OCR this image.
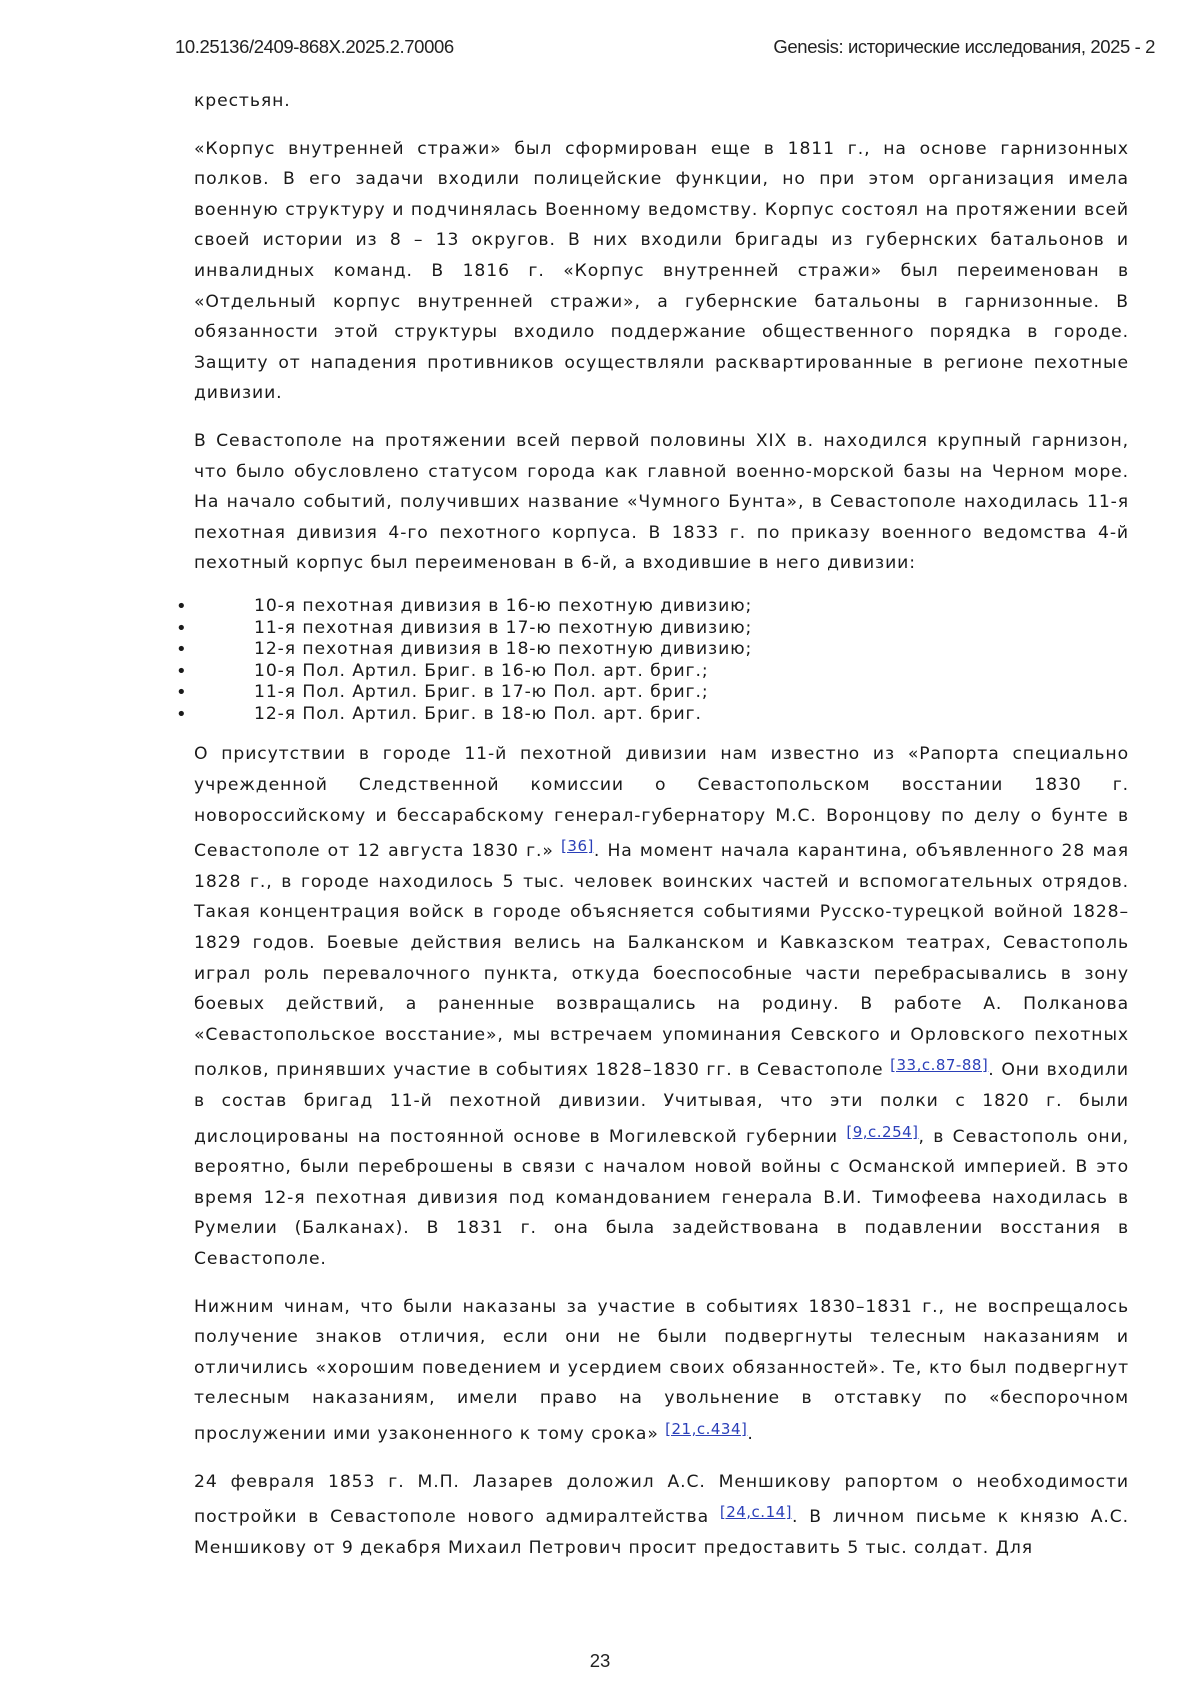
10.25136/2409-868X.2025.2.70006	Genesis: исторические исследования, 2025 - 2

крестьян.

«Корпус внутренней стражи» был сформирован еще в 1811 г., на основе гарнизонных полков. В его задачи входили полицейские функции, но при этом организация имела военную структуру и подчинялась Военному ведомству. Корпус состоял на протяжении всей своей истории из 8 – 13 округов. В них входили бригады из губернских батальонов и инвалидных команд. В 1816 г. «Корпус внутренней стражи» был переименован в «Отдельный корпус внутренней стражи», а губернские батальоны в гарнизонные. В обязанности этой структуры входило поддержание общественного порядка в городе. Защиту от нападения противников осуществляли расквартированные в регионе пехотные дивизии.

В Севастополе на протяжении всей первой половины XIX в. находился крупный гарнизон, что было обусловлено статусом города как главной военно-морской базы на Черном море. На начало событий, получивших название «Чумного Бунта», в Севастополе находилась 11-я пехотная дивизия 4-го пехотного корпуса. В 1833 г. по приказу военного ведомства 4-й пехотный корпус был переименован в 6-й, а входившие в него дивизии:

•	10-я пехотная дивизия в 16-ю пехотную дивизию;
•	11-я пехотная дивизия в 17-ю пехотную дивизию;
•	12-я пехотная дивизия в 18-ю пехотную дивизию;
•	10-я Пол. Артил. Бриг. в 16-ю Пол. арт. бриг.;
•	11-я Пол. Артил. Бриг. в 17-ю Пол. арт. бриг.;
•	12-я Пол. Артил. Бриг. в 18-ю Пол. арт. бриг.

О присутствии в городе 11-й пехотной дивизии нам известно из «Рапорта специально учрежденной Следственной комиссии о Севастопольском восстании 1830 г. новороссийскому и бессарабскому генерал-губернатору М.С. Воронцову по делу о бунте в Севастополе от 12 августа 1830 г.» [36]. На момент начала карантина, объявленного 28 мая 1828 г., в городе находилось 5 тыс. человек воинских частей и вспомогательных отрядов. Такая концентрация войск в городе объясняется событиями Русско-турецкой войной 1828–1829 годов. Боевые действия велись на Балканском и Кавказском театрах, Севастополь играл роль перевалочного пункта, откуда боеспособные части перебрасывались в зону боевых действий, а раненные возвращались на родину. В работе А. Полканова «Севастопольское восстание», мы встречаем упоминания Севского и Орловского пехотных полков, принявших участие в событиях 1828–1830 гг. в Севастополе [33,c.87-88]. Они входили в состав бригад 11-й пехотной дивизии. Учитывая, что эти полки с 1820 г. были дислоцированы на постоянной основе в Могилевской губернии [9,c.254], в Севастополь они, вероятно, были переброшены в связи с началом новой войны с Османской империей. В это время 12-я пехотная дивизия под командованием генерала В.И. Тимофеева находилась в Румелии (Балканах). В 1831 г. она была задействована в подавлении восстания в Севастополе.

Нижним чинам, что были наказаны за участие в событиях 1830–1831 г., не воспрещалось получение знаков отличия, если они не были подвергнуты телесным наказаниям и отличились «хорошим поведением и усердием своих обязанностей». Те, кто был подвергнут телесным наказаниям, имели право на увольнение в отставку по «беспорочном прослужении ими узаконенного к тому срока» [21,c.434].

24 февраля 1853 г. М.П. Лазарев доложил А.С. Меншикову рапортом о необходимости постройки в Севастополе нового адмиралтейства [24,c.14]. В личном письме к князю А.С. Меншикову от 9 декабря Михаил Петрович просит предоставить 5 тыс. солдат. Для

23
